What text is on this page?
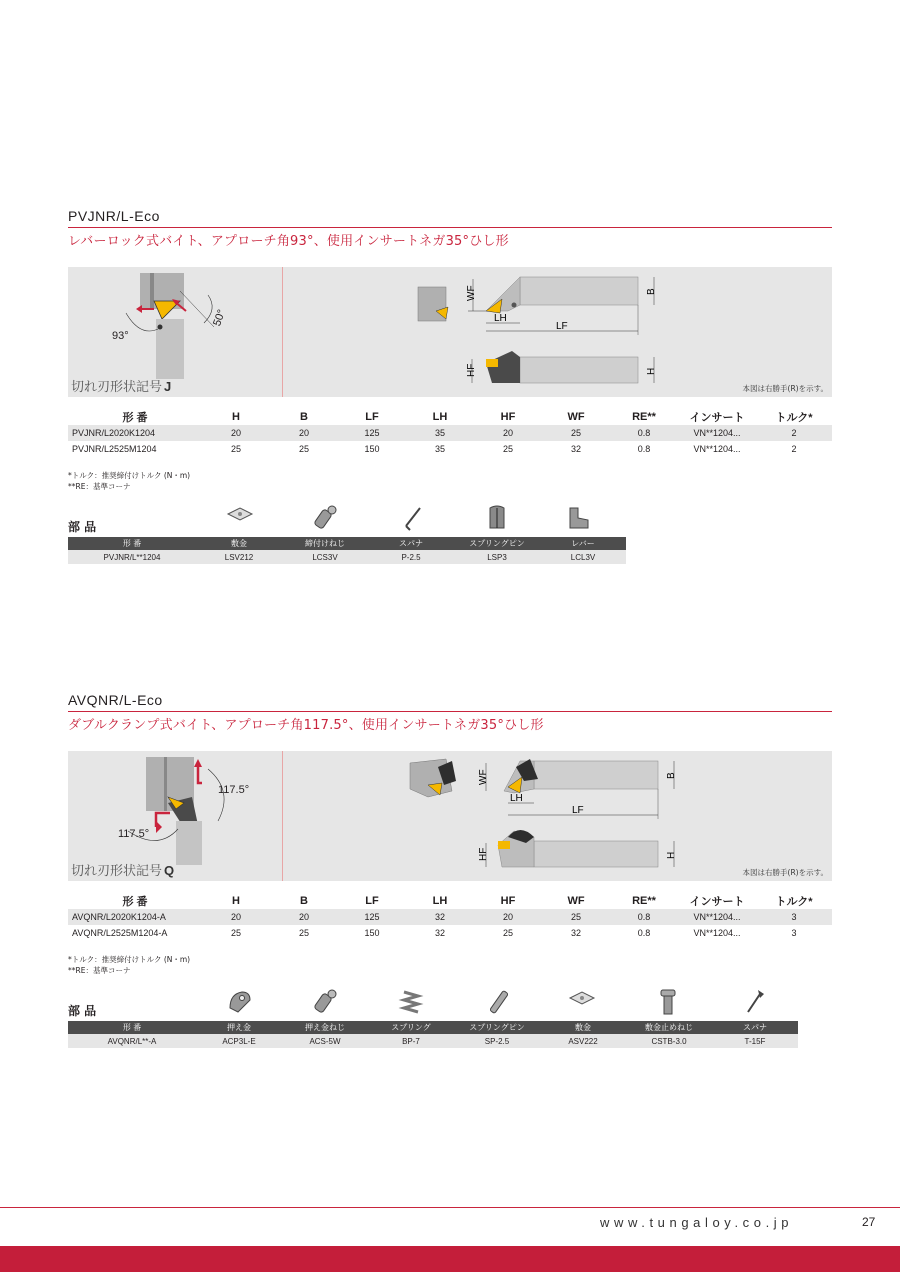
PVJNR/L-Eco
レバーロック式バイト、アプローチ角93°、使用インサートネガ35°ひし形
93°
50°
WF	B
LH
LF
HF	H
切れ刃形状記号 J	本図は右勝手(R)を示す。
形 番	H	B	LF	LH	HF	WF	RE**	インサート	トルク*
PVJNR/L2020K1204	20	20	125	35	20	25	0.8	VN**1204...	2
PVJNR/L2525M1204	25	25	150	35	25	32	0.8	VN**1204...	2
*トルク：推奨締付けトルク (N・m)
**RE：基準コーナ
部 品
形 番	敷金	締付けねじ	スパナ	スプリングピン	レバー
PVJNR/L**1204	LSV212	LCS3V	P-2.5	LSP3	LCL3V
AVQNR/L-Eco
ダブルクランプ式バイト、アプローチ角117.5°、使用インサートネガ35°ひし形
117.5°
117.5°
WF	B
LH
LF
HF	H
切れ刃形状記号 Q	本図は右勝手(R)を示す。
形 番	H	B	LF	LH	HF	WF	RE**	インサート	トルク*
AVQNR/L2020K1204-A	20	20	125	32	20	25	0.8	VN**1204...	3
AVQNR/L2525M1204-A	25	25	150	32	25	32	0.8	VN**1204...	3
*トルク：推奨締付けトルク (N・m)
**RE：基準コーナ
部 品
形 番	押え金	押え金ねじ	スプリング	スプリングピン	敷金	敷金止めねじ	スパナ
AVQNR/L**-A	ACP3L-E	ACS-5W	BP-7	SP-2.5	ASV222	CSTB-3.0	T-15F
www.tungaloy.co.jp	27
